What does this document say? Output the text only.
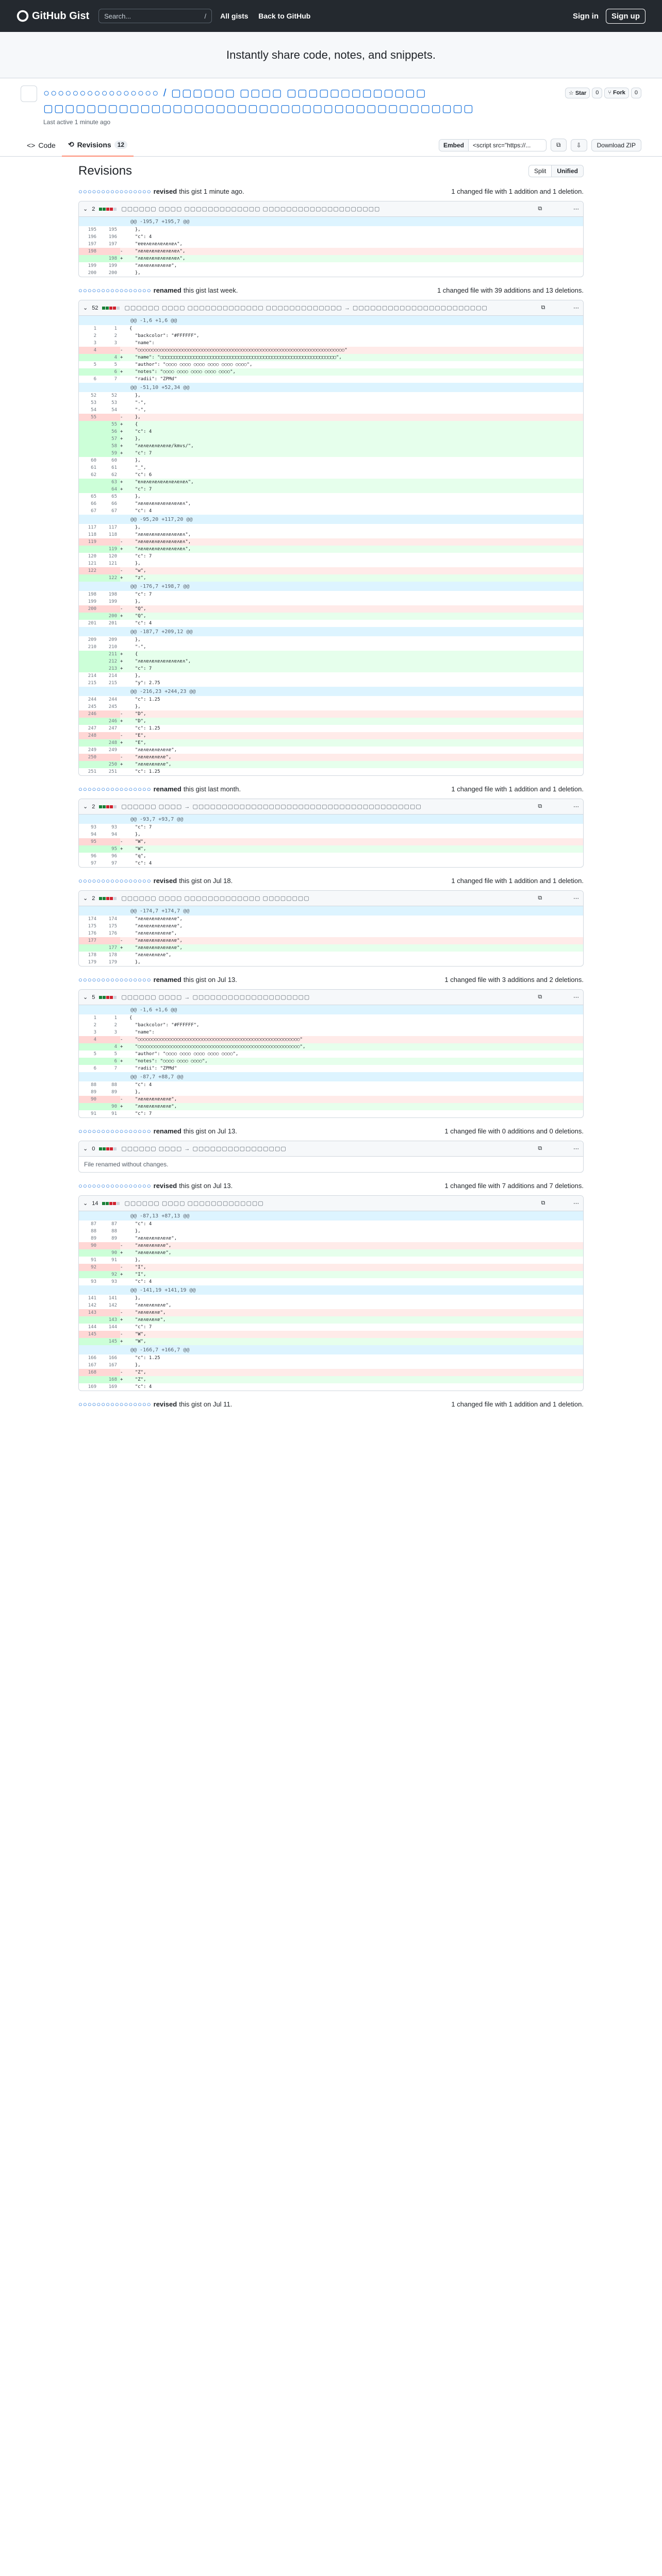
GitHub Gist Search...	/	All gists Back to GitHub	Sign in	Sign up
Instantly share code, notes, and snippets.
○○○○○○○○○○○○○○○○ / ▢▢▢▢▢▢ ▢▢▢▢ ▢▢▢▢▢▢▢▢▢▢▢▢▢ ▢▢▢▢▢▢▢▢▢▢▢▢▢▢▢▢▢▢▢▢▢▢▢▢▢▢▢▢▢▢▢▢▢▢▢▢▢▢▢▢
Last active 1 minute ago
☆ Star	0	⑂ Fork	0
<> Code ⟲ Revisions	12	Embed	<script src="https://...	⧉	⇩	Download ZIP
Revisions	Split	Unified
○○○○○○○○○○○○○○○○ revised this gist 1 minute ago.	1 changed file with 1 addition and 1 deletion.
⌄ 2	▢▢▢▢▢▢ ▢▢▢▢ ▢▢▢▢▢▢▢▢▢▢▢▢▢ ▢▢▢▢▢▢▢▢▢▢▢▢▢▢▢▢▢▢▢▢	⧉	⋯
@@ -195,7 +195,7 @@
195	195
	},
196	196
	"c": 4
197	197
	"ɐɐɐʌɐʌɐʌɐʌɐʌɐʌ",
198	-	"ʌɐʌɐʌɐʌɐʌɐʌɐʌɐʌ",
198 +	"ʌɐʌɐʌɐʌɐʌɐʌɐʌɐʌ",
199	199
	"ʌɐʌɐʌɐʌɐʌɐʌɐ",
200	200
	},
○○○○○○○○○○○○○○○○ renamed this gist last week.	1 changed file with 39 additions and 13 deletions.
⌄ 52	▢▢▢▢▢▢ ▢▢▢▢ ▢▢▢▢▢▢▢▢▢▢▢▢▢ ▢▢▢▢▢▢▢▢▢▢▢▢▢ → ▢▢▢▢▢▢▢▢▢▢▢▢▢▢▢▢▢▢▢▢▢▢▢	⧉	⋯
@@ -1,6 +1,6 @@
1	1
	{
2	2
	"backcolor": "#FFFFFF",
3	3
	"name":
4	-	"○○○○○○○○○○○○○○○○○○○○○○○○○○○○○○○○○○○○○○○○○○○○○○○○○○○○○○○○○○○○○○○○○○○○○○○○○○"
4 +	"name": "▢▢▢▢▢▢▢▢▢▢▢▢▢▢▢▢▢▢▢▢▢▢▢▢▢▢▢▢▢▢▢▢▢▢▢▢▢▢▢▢▢▢▢▢▢▢▢▢▢▢▢▢▢▢▢▢▢▢▢▢▢▢▢",
5	5
	"author": "○○○○ ○○○○ ○○○○ ○○○○ ○○○○ ○○○○",
6 +	"notes": "○○○○ ○○○○ ○○○○ ○○○○ ○○○○",
6	7
	"radii": "ZPMd"
@@ -51,10 +52,34 @@
52	52
	},
53	53
	"-",
54	54
	"-",
55	-	},
55 +	{
56 +	"c": 4
57 +	},
58 +	"ʌɐʌɐʌɐʌɐʌɐʌɐ/kmvs/",
59 +	"c": 7
60	60
	},
61	61
	"_",
62	62
	"c": 6
63 +	"ɐʌɐʌɐʌɐʌɐʌɐʌɐʌɐʌɐʌ",
64 +	"c": 7
65	65
	},
66	66
	"ʌɐʌɐʌɐʌɐʌɐʌɐʌɐʌɐʌ",
67	67
	"c": 4
@@ -95,20 +117,20 @@
117	117
	},
118	118
	"ʌɐʌɐʌɐʌɐʌɐʌɐʌɐʌɐʌ",
119	-	"ʌɐʌɐʌɐʌɐʌɐʌɐʌɐʌɐʌ",
119 +	"ʌɐʌɐʌɐʌɐʌɐʌɐʌɐʌɐʌ",
120	120
	"c": 7
121	121
	},
122	-	"w",
122 +	"z",
@@ -176,7 +198,7 @@
198	198
	"c": 7
199	199
	},
200	-	"Q",
200 +	"Q",
201	201
	"c": 4
@@ -187,7 +209,12 @@
209	209
	},
210	210
	"-",
211 +	{
212 +	"ʌɐʌɐʌɐʌɐʌɐʌɐʌɐʌɐʌ",
213 +	"c": 7
214	214
	},
215	215
	"y": 2.75
@@ -216,23 +244,23 @@
244	244
	"c": 1.25
245	245
	},
246	-	"D",
246 +	"D",
247	247
	"c": 1.25
248	-	"E",
248 +	"E",
249	249
	"ʌɐʌɐʌɐʌɐʌɐʌɐ",
250	-	"ʌɐʌɐʌɐʌɐʌɐ",
250 +	"ʌɐʌɐʌɐʌɐʌɐ",
251	251
	"c": 1.25
○○○○○○○○○○○○○○○○ renamed this gist last month.	1 changed file with 1 addition and 1 deletion.
⌄ 2	▢▢▢▢▢▢ ▢▢▢▢ → ▢▢▢▢▢▢▢▢▢▢▢▢▢▢▢▢▢▢▢▢▢▢▢▢▢▢▢▢▢▢▢▢▢▢▢▢▢▢▢	⧉	⋯
@@ -93,7 +93,7 @@
93	93
	"c": 7
94	94
	},
95	-	"W",
95 +	"W",
96	96
	"q",
97	97
	"c": 4
○○○○○○○○○○○○○○○○ revised this gist on Jul 18.	1 changed file with 1 addition and 1 deletion.
⌄ 2	▢▢▢▢▢▢ ▢▢▢▢ ▢▢▢▢▢▢▢▢▢▢▢▢▢ ▢▢▢▢▢▢▢▢	⧉	⋯
@@ -174,7 +174,7 @@
174	174
	"ʌɐʌɐʌɐʌɐʌɐʌɐʌɐ",
175	175
	"ʌɐʌɐʌɐʌɐʌɐʌɐʌɐ",
176	176
	"ʌɐʌɐʌɐʌɐʌɐʌɐ",
177	-	"ʌɐʌɐʌɐʌɐʌɐʌɐʌɐ",
177 +	"ʌɐʌɐʌɐʌɐʌɐʌɐʌɐ",
178	178
	"ʌɐʌɐʌɐʌɐʌɐ",
179	179
	},
○○○○○○○○○○○○○○○○ renamed this gist on Jul 13.	1 changed file with 3 additions and 2 deletions.
⌄ 5	▢▢▢▢▢▢ ▢▢▢▢ → ▢▢▢▢▢▢▢▢▢▢▢▢▢▢▢▢▢▢▢▢	⧉	⋯
@@ -1,6 +1,6 @@
1	1
	{
2	2
	"backcolor": "#FFFFFF",
3	3
	"name":
4	-	"○○○○○○○○○○○○○○○○○○○○○○○○○○○○○○○○○○○○○○○○○○○○○○○○○○○○○○○○○○"
4 +	"○○○○○○○○○○○○○○○○○○○○○○○○○○○○○○○○○○○○○○○○○○○○○○○○○○○○○○○○○○",
5	5
	"author": "○○○○ ○○○○ ○○○○ ○○○○ ○○○○",
6 +	"notes": "○○○○ ○○○○ ○○○○",
6	7
	"radii": "ZPMd"
@@ -87,7 +88,7 @@
88	88
	"c": 4
89	89
	},
90	-	"ʌɐʌɐʌɐʌɐʌɐʌɐ",
90 +	"ʌɐʌɐʌɐʌɐʌɐʌɐ",
91	91
	"c": 7
○○○○○○○○○○○○○○○○ renamed this gist on Jul 13.	1 changed file with 0 additions and 0 deletions.
⌄ 0	▢▢▢▢▢▢ ▢▢▢▢ → ▢▢▢▢▢▢▢▢▢▢▢▢▢▢▢▢	⧉	⋯
File renamed without changes.
○○○○○○○○○○○○○○○○ revised this gist on Jul 13.	1 changed file with 7 additions and 7 deletions.
⌄ 14	▢▢▢▢▢▢ ▢▢▢▢ ▢▢▢▢▢▢▢▢▢▢▢▢▢	⧉	⋯
@@ -87,13 +87,13 @@
87	87
	"c": 4
88	88
	},
89	89
	"ʌɐʌɐʌɐʌɐʌɐʌɐ",
90	-	"ʌɐʌɐʌɐʌɐʌɐ",
90 +	"ʌɐʌɐʌɐʌɐʌɐ",
91	91
	},
92	-	"I",
92 +	"I",
93	93
	"c": 4
@@ -141,19 +141,19 @@
141	141
	},
142	142
	"ʌɐʌɐʌɐʌɐʌɐ",
143	-	"ʌɐʌɐʌɐʌɐ",
143 +	"ʌɐʌɐʌɐʌɐ",
144	144
	"c": 7
145	-	"W",
145 +	"W",
@@ -166,7 +166,7 @@
166	166
	"c": 1.25
167	167
	},
168	-	"Z",
168 +	"Z",
169	169
	"c": 4
○○○○○○○○○○○○○○○○ revised this gist on Jul 11.	1 changed file with 1 addition and 1 deletion.
